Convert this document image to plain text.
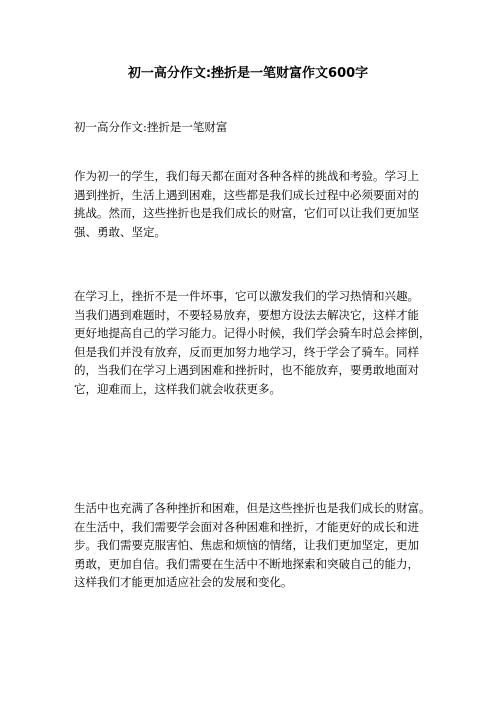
初一高分作文:挫折是一笔财富作文600字
初一高分作文:挫折是一笔财富
作为初一的学生，我们每天都在面对各种各样的挑战和考验。学习上
遇到挫折，生活上遇到困难，这些都是我们成长过程中必须要面对的
挑战。然而，这些挫折也是我们成长的财富，它们可以让我们更加坚
强、勇敢、坚定。
在学习上，挫折不是一件坏事，它可以激发我们的学习热情和兴趣。
当我们遇到难题时，不要轻易放弃，要想方设法去解决它，这样才能
更好地提高自己的学习能力。记得小时候，我们学会骑车时总会摔倒，
但是我们并没有放弃，反而更加努力地学习，终于学会了骑车。同样
的，当我们在学习上遇到困难和挫折时，也不能放弃，要勇敢地面对
它，迎难而上，这样我们就会收获更多。
生活中也充满了各种挫折和困难，但是这些挫折也是我们成长的财富。
在生活中，我们需要学会面对各种困难和挫折，才能更好的成长和进
步。我们需要克服害怕、焦虑和烦恼的情绪，让我们更加坚定，更加
勇敢，更加自信。我们需要在生活中不断地探索和突破自己的能力，
这样我们才能更加适应社会的发展和变化。
